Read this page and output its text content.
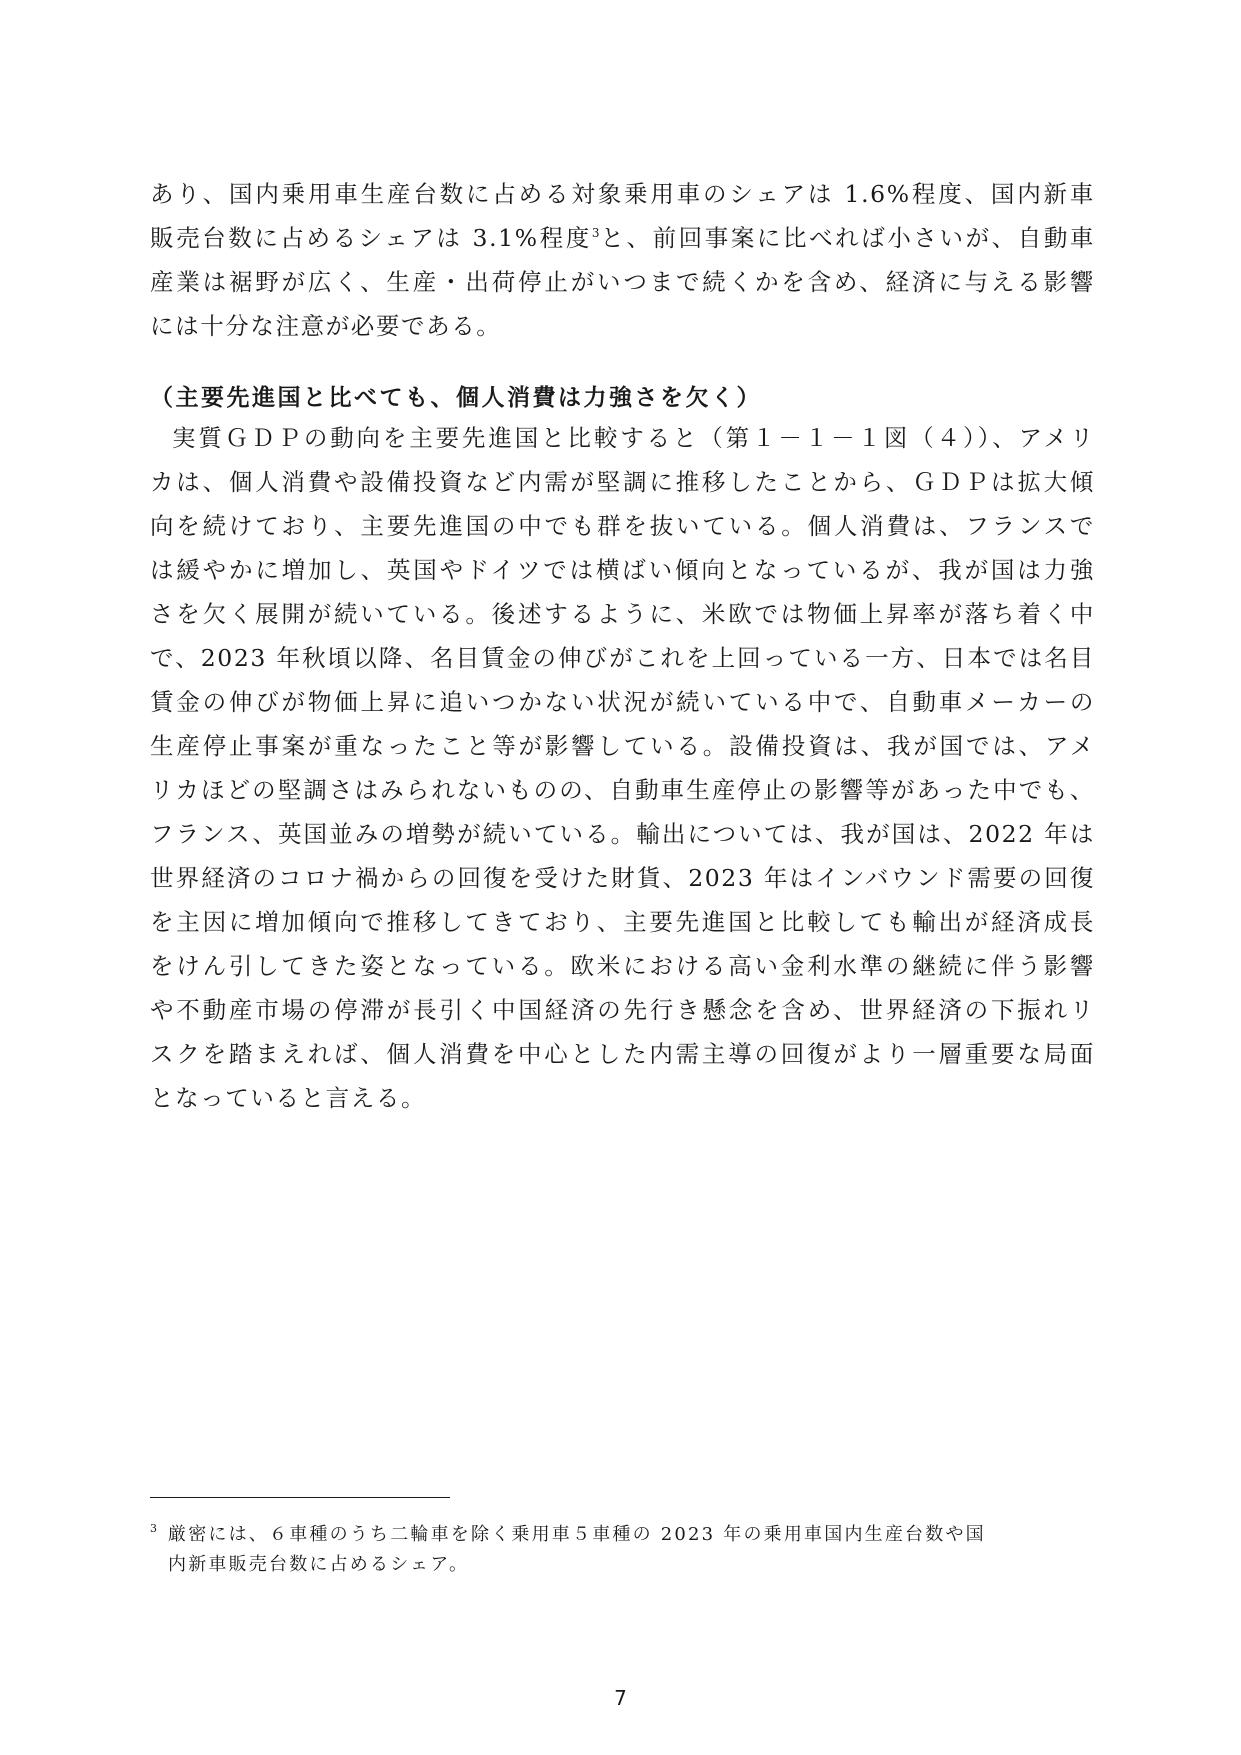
あり、国内乗用車生産台数に占める対象乗用車のシェアは 1.6%程度、国内新車
販売台数に占めるシェアは 3.1%程度$^3$と、前回事案に比べれば小さいが、自動車
産業は裾野が広く、生産・出荷停止がいつまで続くかを含め、経済に与える影響
には十分な注意が必要である。
（主要先進国と比べても、個人消費は力強さを欠く）
実質ＧＤＰの動向を主要先進国と比較すると（第１－１－１図（４））、アメリ
カは、個人消費や設備投資など内需が堅調に推移したことから、ＧＤＰは拡大傾
向を続けており、主要先進国の中でも群を抜いている。個人消費は、フランスで
は緩やかに増加し、英国やドイツでは横ばい傾向となっているが、我が国は力強
さを欠く展開が続いている。後述するように、米欧では物価上昇率が落ち着く中
で、2023 年秋頃以降、名目賃金の伸びがこれを上回っている一方、日本では名目
賃金の伸びが物価上昇に追いつかない状況が続いている中で、自動車メーカーの
生産停止事案が重なったこと等が影響している。設備投資は、我が国では、アメ
リカほどの堅調さはみられないものの、自動車生産停止の影響等があった中でも、
フランス、英国並みの増勢が続いている。輸出については、我が国は、2022 年は
世界経済のコロナ禍からの回復を受けた財貨、2023 年はインバウンド需要の回復
を主因に増加傾向で推移してきており、主要先進国と比較しても輸出が経済成長
をけん引してきた姿となっている。欧米における高い金利水準の継続に伴う影響
や不動産市場の停滞が長引く中国経済の先行き懸念を含め、世界経済の下振れリ
スクを踏まえれば、個人消費を中心とした内需主導の回復がより一層重要な局面
となっていると言える。
3 厳密には、６車種のうち二輪車を除く乗用車５車種の 2023 年の乗用車国内生産台数や国
内新車販売台数に占めるシェア。
7
